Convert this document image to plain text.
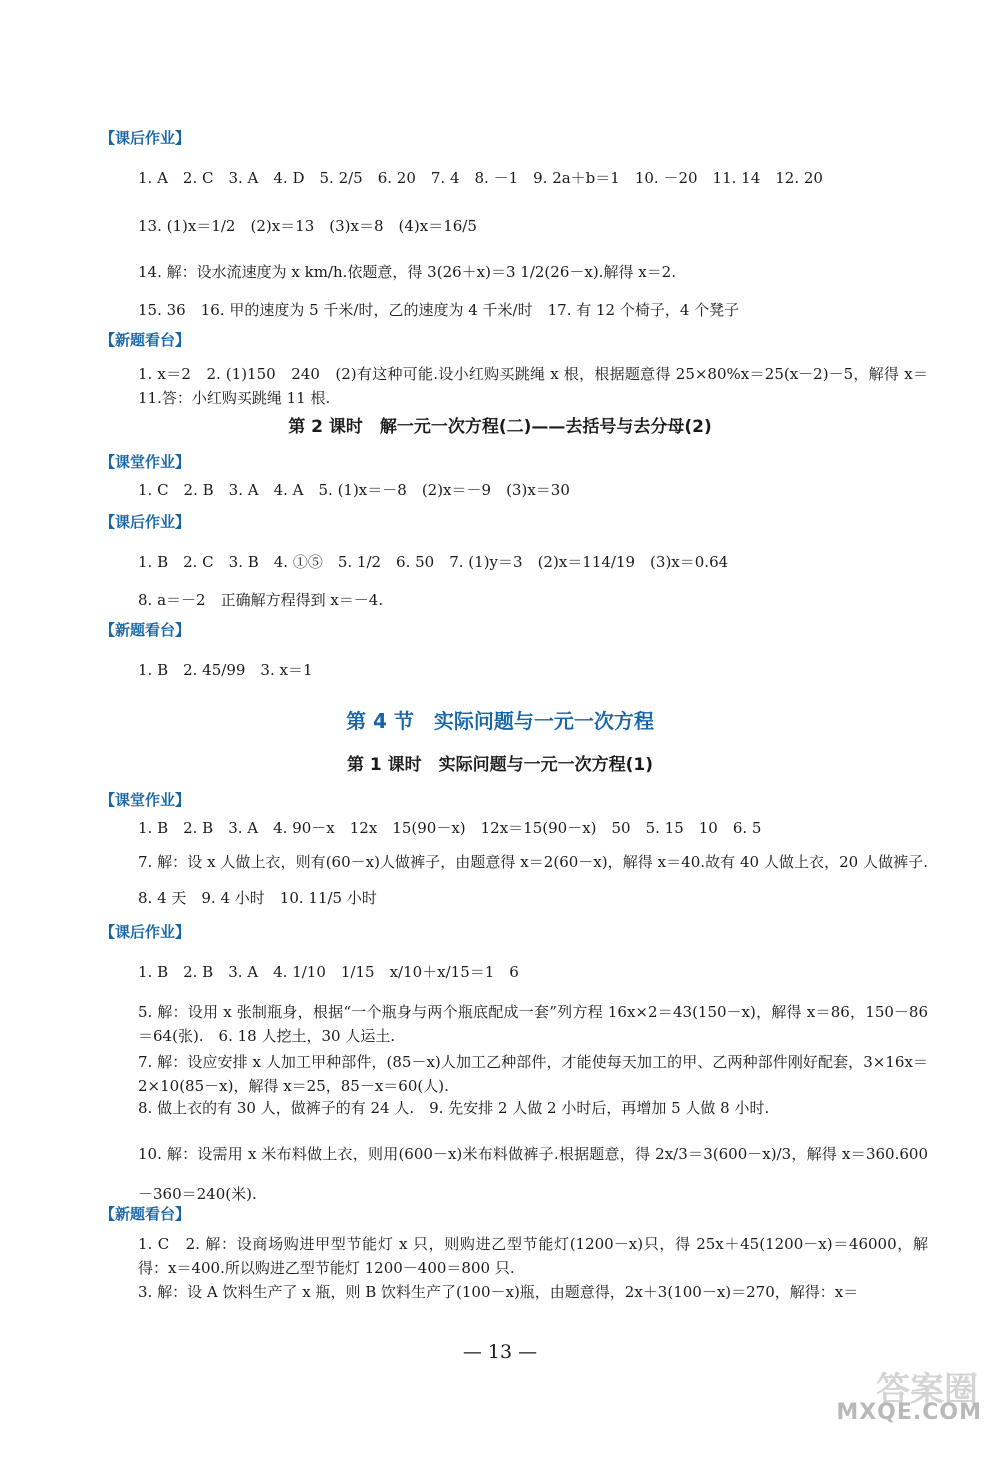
【课后作业】
1. A　2. C　3. A　4. D　5. 2/5　6. 20　7. 4　8. －1　9. 2a＋b＝1　10. －20　11. 14　12. 20
13. (1)x＝1/2　(2)x＝13　(3)x＝8　(4)x＝16/5
14. 解：设水流速度为 x km/h.依题意，得 3(26＋x)＝3 1/2(26－x).解得 x＝2.
15. 36　16. 甲的速度为 5 千米/时，乙的速度为 4 千米/时　17. 有 12 个椅子，4 个凳子
【新题看台】
1. x＝2　2. (1)150　240　(2)有这种可能.设小红购买跳绳 x 根，根据题意得 25×80%x＝25(x－2)－5，解得 x＝11.答：小红购买跳绳 11 根.
第 2 课时　解一元一次方程(二)——去括号与去分母(2)
【课堂作业】
1. C　2. B　3. A　4. A　5. (1)x＝－8　(2)x＝－9　(3)x＝30
【课后作业】
1. B　2. C　3. B　4. ①⑤　5. 1/2　6. 50　7. (1)y＝3　(2)x＝114/19　(3)x＝0.64
8. a＝－2　正确解方程得到 x＝－4.
【新题看台】
1. B　2. 45/99　3. x＝1
第 4 节　实际问题与一元一次方程
第 1 课时　实际问题与一元一次方程(1)
【课堂作业】
1. B　2. B　3. A　4. 90－x　12x　15(90－x)　12x＝15(90－x)　50　5. 15　10　6. 5
7. 解：设 x 人做上衣，则有(60－x)人做裤子，由题意得 x＝2(60－x)，解得 x＝40.故有 40 人做上衣，20 人做裤子.　8. 4 天　9. 4 小时　10. 11/5 小时
【课后作业】
1. B　2. B　3. A　4. 1/10　1/15　x/10＋x/15＝1　6
5. 解：设用 x 张制瓶身，根据“一个瓶身与两个瓶底配成一套”列方程 16x×2＝43(150－x)，解得 x＝86，150－86＝64(张).　6. 18 人挖土，30 人运土.
7. 解：设应安排 x 人加工甲种部件，(85－x)人加工乙种部件，才能使每天加工的甲、乙两种部件刚好配套，3×16x＝2×10(85－x)，解得 x＝25，85－x＝60(人).
8. 做上衣的有 30 人，做裤子的有 24 人.　9. 先安排 2 人做 2 小时后，再增加 5 人做 8 小时.
10. 解：设需用 x 米布料做上衣，则用(600－x)米布料做裤子.根据题意，得 2x/3＝3(600－x)/3，解得 x＝360.600－360＝240(米).
【新题看台】
1. C　2. 解：设商场购进甲型节能灯 x 只，则购进乙型节能灯(1200－x)只，得 25x＋45(1200－x)＝46000，解得：x＝400.所以购进乙型节能灯 1200－400＝800 只.
3. 解：设 A 饮料生产了 x 瓶，则 B 饮料生产了(100－x)瓶，由题意得，2x＋3(100－x)＝270，解得：x＝
— 13 —
答案圈
MXQE.COM
